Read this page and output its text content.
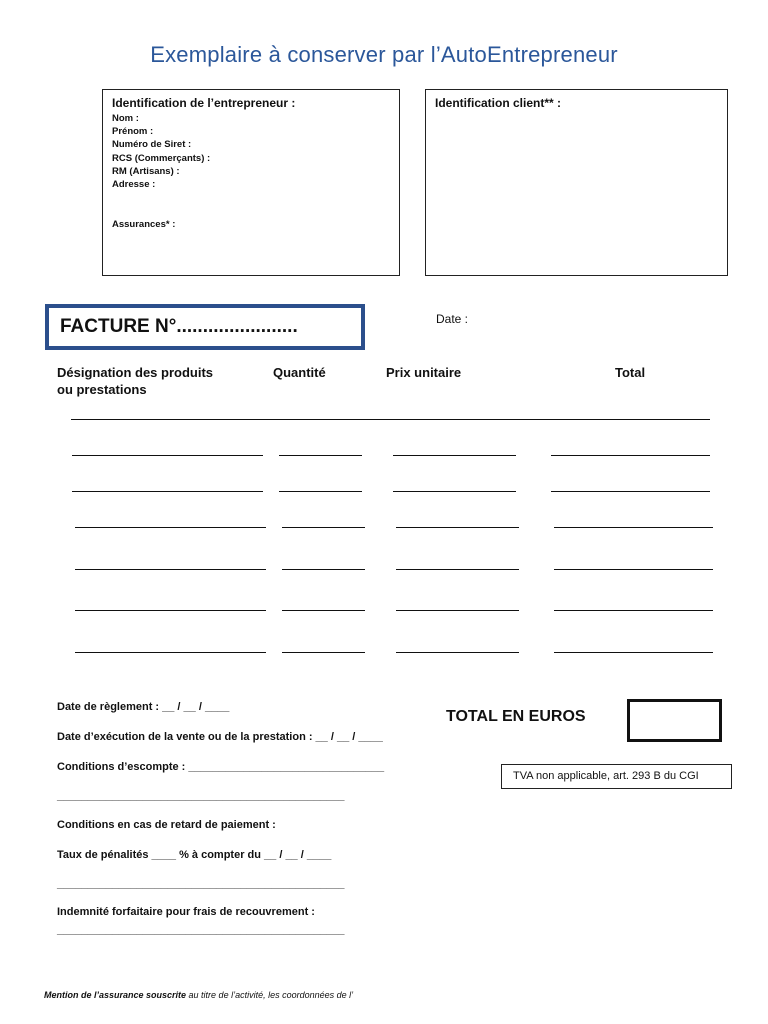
Exemplaire à conserver par l’AutoEntrepreneur
Identification de l’entrepreneur :
Nom :
Prénom :
Numéro de Siret :
RCS (Commerçants) :
RM (Artisans) :
Adresse :
Assurances* :
Identification client** :
FACTURE N°.......................	Date :
Désignation des produits
ou prestations
Quantité	Prix unitaire	Total
Date de règlement : __ / __ / ____
Date d’exécution de la vente ou de la prestation : __ / __ / ____
Conditions d’escompte : ________________________________
_______________________________________________
Conditions en cas de retard de paiement :
Taux de pénalités ____ % à compter du __ / __ / ____
_______________________________________________
Indemnité forfaitaire pour frais de recouvrement :
_______________________________________________
TOTAL EN EUROS
TVA non applicable, art. 293 B du CGI
Mention de l’assurance souscrite au titre de l’activité, les coordonnées de l’
